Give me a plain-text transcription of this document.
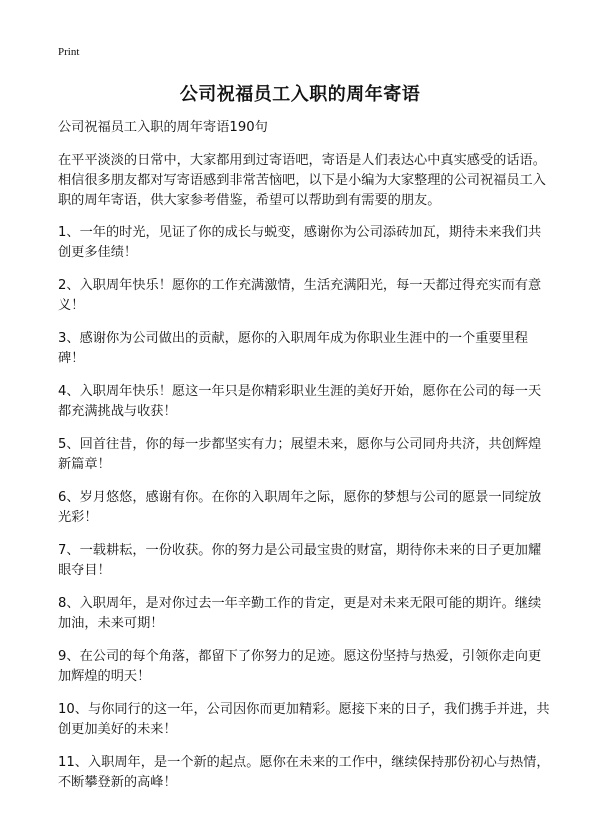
Print
公司祝福员工入职的周年寄语

公司祝福员工入职的周年寄语190句

在平平淡淡的日常中，大家都用到过寄语吧，寄语是人们表达心中真实感受的话语。相信很多朋友都对写寄语感到非常苦恼吧，以下是小编为大家整理的公司祝福员工入职的周年寄语，供大家参考借鉴，希望可以帮助到有需要的朋友。

1、一年的时光，见证了你的成长与蜕变，感谢你为公司添砖加瓦，期待未来我们共创更多佳绩！

2、入职周年快乐！愿你的工作充满激情，生活充满阳光，每一天都过得充实而有意义！

3、感谢你为公司做出的贡献，愿你的入职周年成为你职业生涯中的一个重要里程碑！

4、入职周年快乐！愿这一年只是你精彩职业生涯的美好开始，愿你在公司的每一天都充满挑战与收获！

5、回首往昔，你的每一步都坚实有力；展望未来，愿你与公司同舟共济，共创辉煌新篇章！

6、岁月悠悠，感谢有你。在你的入职周年之际，愿你的梦想与公司的愿景一同绽放光彩！

7、一载耕耘，一份收获。你的努力是公司最宝贵的财富，期待你未来的日子更加耀眼夺目！

8、入职周年，是对你过去一年辛勤工作的肯定，更是对未来无限可能的期许。继续加油，未来可期！

9、在公司的每个角落，都留下了你努力的足迹。愿这份坚持与热爱，引领你走向更加辉煌的明天！

10、与你同行的这一年，公司因你而更加精彩。愿接下来的日子，我们携手并进，共创更加美好的未来！

11、入职周年，是一个新的起点。愿你在未来的工作中，继续保持那份初心与热情，不断攀登新的高峰！
